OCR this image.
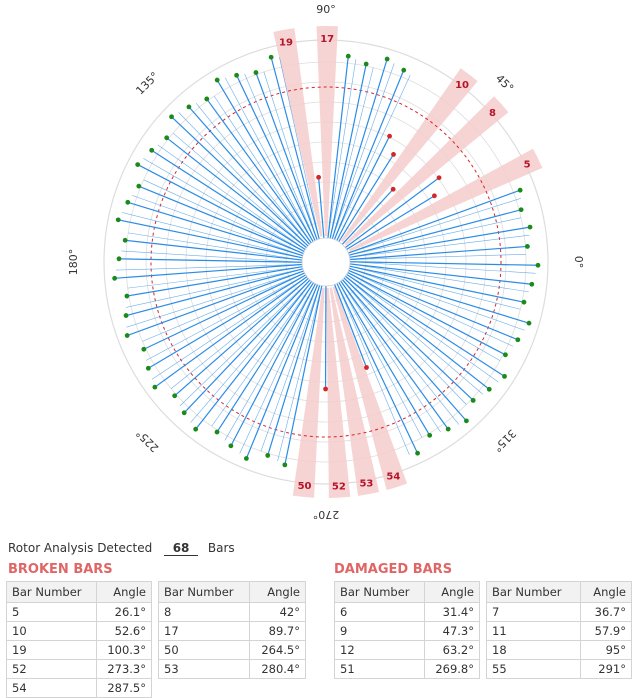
5
8
10
17
19
50 52 53
54
0°
45°
90°
135°
180°
225°
270°
315°
Rotor Analysis Detected 68 Bars
BROKEN BARS	DAMAGED BARS
Bar Number	Angle
5	26.1°
10	52.6°
19	100.3°
52	273.3°
54	287.5°
Bar Number	Angle
8	42°
17	89.7°
50	264.5°
53	280.4°
Bar Number	Angle
6	31.4°
9	47.3°
12	63.2°
51	269.8°
Bar Number	Angle
7	36.7°
11	57.9°
18	95°
55	291°
